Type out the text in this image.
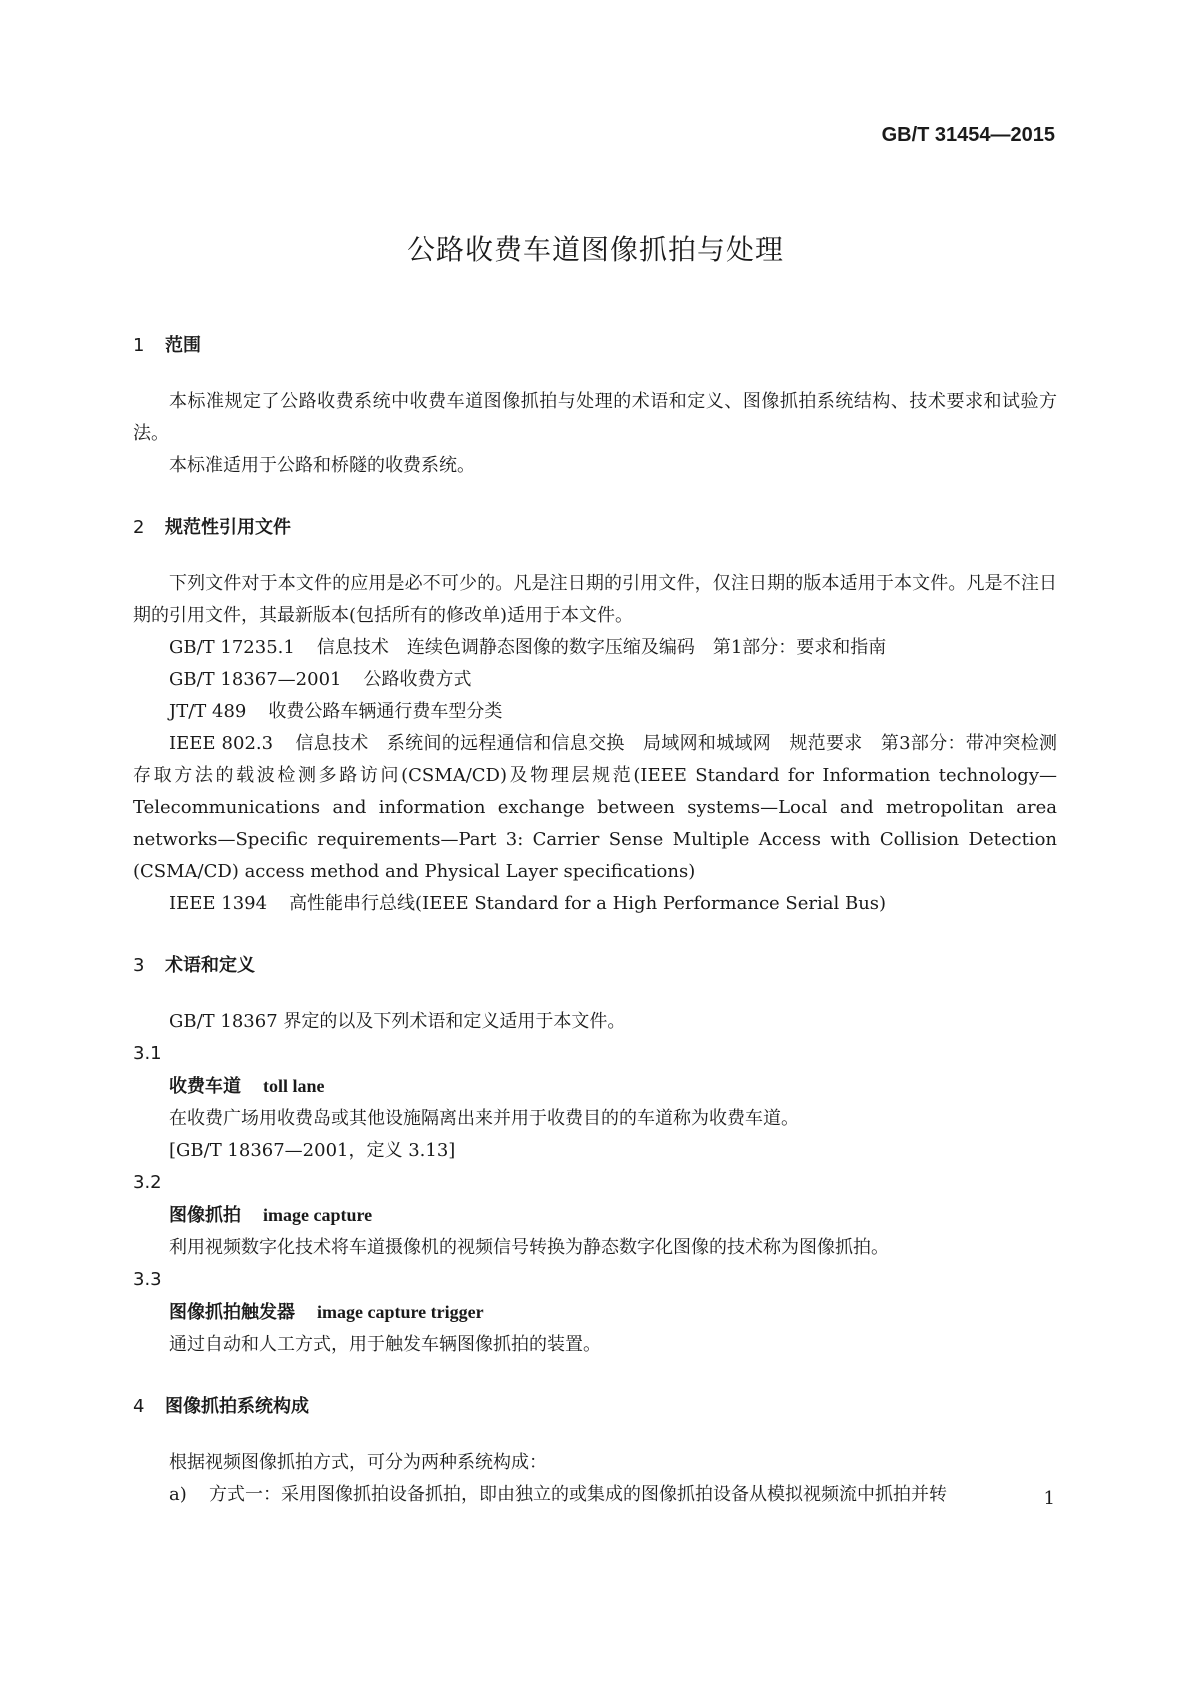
GB/T 31454—2015
公路收费车道图像抓拍与处理

1 范围

本标准规定了公路收费系统中收费车道图像抓拍与处理的术语和定义、图像抓拍系统结构、技术要求和试验方法。

本标准适用于公路和桥隧的收费系统。

2 规范性引用文件

下列文件对于本文件的应用是必不可少的。凡是注日期的引用文件，仅注日期的版本适用于本文件。凡是不注日期的引用文件，其最新版本(包括所有的修改单)适用于本文件。

GB/T 17235.1 信息技术　连续色调静态图像的数字压缩及编码　第1部分：要求和指南

GB/T 18367—2001 公路收费方式

JT/T 489 收费公路车辆通行费车型分类

IEEE 802.3 信息技术　系统间的远程通信和信息交换　局域网和城域网　规范要求　第3部分：带冲突检测存取方法的载波检测多路访问(CSMA/CD)及物理层规范(IEEE Standard for Information technology—Telecommunications and information exchange between systems—Local and metropolitan area networks—Specific requirements—Part 3: Carrier Sense Multiple Access with Collision Detection (CSMA/CD) access method and Physical Layer specifications)

IEEE 1394 高性能串行总线(IEEE Standard for a High Performance Serial Bus)

3 术语和定义

GB/T 18367 界定的以及下列术语和定义适用于本文件。

3.1

收费车道 toll lane

在收费广场用收费岛或其他设施隔离出来并用于收费目的的车道称为收费车道。

[GB/T 18367—2001，定义 3.13]

3.2

图像抓拍 image capture

利用视频数字化技术将车道摄像机的视频信号转换为静态数字化图像的技术称为图像抓拍。

3.3

图像抓拍触发器 image capture trigger

通过自动和人工方式，用于触发车辆图像抓拍的装置。

4 图像抓拍系统构成

根据视频图像抓拍方式，可分为两种系统构成：

a) 方式一：采用图像抓拍设备抓拍，即由独立的或集成的图像抓拍设备从模拟视频流中抓拍并转	1
